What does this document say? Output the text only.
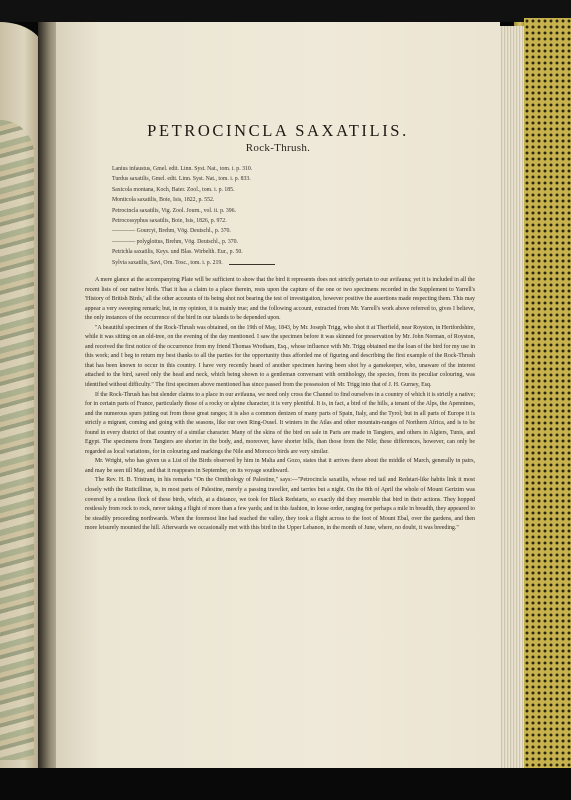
PETROCINCLA SAXATILIS.
Rock-Thrush.
Lanius infaustus, Gmel. edit. Linn. Syst. Nat., tom. i. p. 310.
Turdus saxatilis, Gmel. edit. Linn. Syst. Nat., tom. i. p. 833.
Saxicola montana, Koch, Baier. Zool., tom. i. p. 185.
Monticola saxatilis, Boie, Isis, 1822, p. 552.
Petrocincla saxatilis, Vig. Zool. Journ., vol. ii. p. 396.
Petrocossyphus saxatilis, Boie, Isis, 1826, p. 972.
———— Gourcyi, Brehm, Vög. Deutschl., p. 370.
———— polyglottus, Brehm, Vög. Deutschl., p. 370.
Petrichla saxatilis, Keys. und Blas. Wirbelth. Eur., p. 50.
Sylvia saxatilis, Savi, Orn. Tosc., tom. i. p. 219.

A mere glance at the accompanying Plate will be sufficient to show that the bird it represents does not strictly pertain to our avifauna; yet it is included in all the recent lists of our native birds. That it has a claim to a place therein, rests upon the capture of the one or two specimens recorded in the Supplement to Yarrell's 'History of British Birds,' all the other accounts of its being shot not bearing the test of investigation, however positive the assertions made respecting them. This may appear a very sweeping remark; but, in my opinion, it is mainly true; and the following account, extracted from Mr. Yarrell's work above referred to, gives I believe, the only instances of the occurrence of the bird in our islands to be depended upon.

"A beautiful specimen of the Rock-Thrush was obtained, on the 19th of May, 1843, by Mr. Joseph Trigg, who shot it at Therfield, near Royston, in Hertfordshire, while it was sitting on an old-tree, on the evening of the day mentioned. I saw the specimen before it was skinned for preservation by Mr. John Norman, of Royston, and received the first notice of the occurrence from my friend Thomas Wrotham, Esq., whose influence with Mr. Trigg obtained me the loan of the bird for my use in this work; and I beg to return my best thanks to all the parties for the opportunity thus afforded me of figuring and describing the first example of the Rock-Thrush that has been known to occur in this country. I have very recently heard of another specimen having been shot by a gamekeeper, who, unaware of the interest attached to the bird, saved only the head and neck, which being shown to a gentleman conversant with ornithology, the species, from its peculiar colouring, was identified without difficulty." The first specimen above mentioned has since passed from the possession of Mr. Trigg into that of J. H. Gurney, Esq.

If the Rock-Thrush has but slender claims to a place in our avifauna, we need only cross the Channel to find ourselves in a country of which it is strictly a native; for in certain parts of France, particularly those of a rocky or alpine character, it is very plentiful. It is, in fact, a bird of the hills, a tenant of the Alps, the Apennines, and the numerous spurs jutting out from those great ranges; it is also a common denizen of many parts of Spain, Italy, and the Tyrol; but in all parts of Europe it is strictly a migrant, coming and going with the seasons, like our own Ring-Ousel. It winters in the Atlas and other mountain-ranges of Northern Africa, and is to be found in every district of that country of a similar character. Many of the skins of the bird on sale in Paris are made in Tangiers, and others in Algiers, Tunis, and Egypt. The specimens from Tangiers are shorter in the body, and, moreover, have shorter bills, than those from the Nile; these differences, however, can only be regarded as local variations, for in colouring and markings the Nile and Morocco birds are very similar.

Mr. Wright, who has given us a List of the Birds observed by him in Malta and Gozo, states that it arrives there about the middle of March, generally in pairs, and may be seen till May, and that it reappears in September, on its voyage southward.

The Rev. H. B. Tristram, in his remarks "On the Ornithology of Palestine," says:—"Petrocincla saxatilis, whose red tail and Redstart-like habits link it most closely with the Ruticillinæ, is, in most parts of Palestine, merely a passing traveller, and tarries but a night. On the 8th of April the whole of Mount Gerizim was covered by a restless flock of these birds, which, at a distance, we took for Black Redstarts, so exactly did they resemble that bird in their actions. They hopped restlessly from rock to rock, never taking a flight of more than a few yards; and in this fashion, in loose order, ranging for perhaps a mile in breadth, they appeared to be steadily proceeding northwards. When the foremost line had reached the valley, they took a flight across to the foot of Mount Ebal, over the gardens, and then more leisurely mounted the hill. Afterwards we occasionally met with this bird in the Upper Lebanon, in the month of June, where, no doubt, it was breeding."
